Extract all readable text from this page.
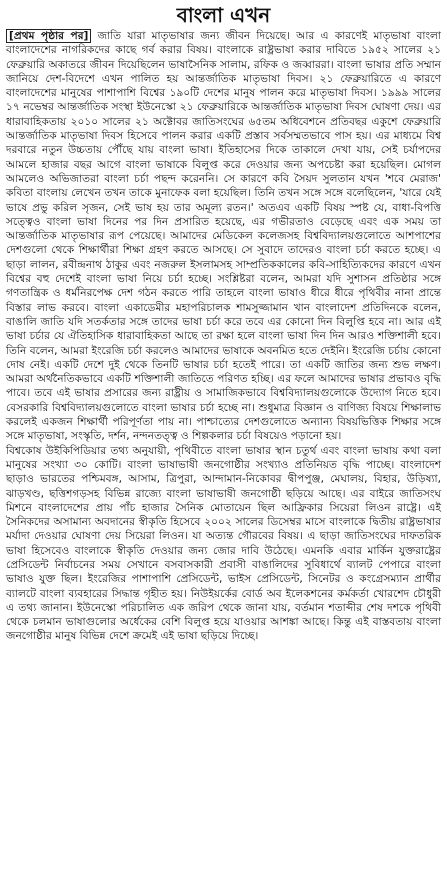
বাংলা এখন

[প্রথম পৃষ্ঠার পর] জাতি যারা মাতৃভাষার জন্য জীবন দিয়েছে। আর এ কারণেই মাতৃভাষা বাংলা বাংলাদেশের নাগরিকদের কাছে গর্ব করার বিষয়। বাংলাকে রাষ্ট্রভাষা করার দাবিতে ১৯৫২ সালের ২১ ফেব্রুয়ারি অকাতরে জীবন দিয়েছিলেন ভাষাসৈনিক সালাম, রফিক ও জব্বাররা। বাংলা ভাষার প্রতি সম্মান জানিয়ে দেশ-বিদেশে এখন পালিত হয় আন্তর্জাতিক মাতৃভাষা দিবস। ২১ ফেব্রুয়ারিতে এ কারণে বাংলাদেশের মানুষের পাশাপাশি বিশ্বের ১৯০টি দেশের মানুষ পালন করে মাতৃভাষা দিবস। ১৯৯৯ সালের ১৭ নভেম্বর আন্তর্জাতিক সংস্থা ইউনেস্কো ২১ ফেব্রুয়ারিকে আন্তর্জাতিক মাতৃভাষা দিবস ঘোষণা দেয়। এর ধারাবাহিকতায় ২০১০ সালের ২১ অক্টোবর জাতিসংঘের ৬৫তম অধিবেশনে প্রতিবছর একুশে ফেব্রুয়ারি আন্তর্জাতিক মাতৃভাষা দিবস হিসেবে পালন করার একটি প্রস্তাব সর্বসম্মতভাবে পাস হয়। এর মাধ্যমে বিশ্ব দরবারে নতুন উচ্চতায় পৌঁছে যায় বাংলা ভাষা। ইতিহাসের দিকে তাকালে দেখা যায়, সেই চর্যাপদের আমলে হাজার বছর আগে বাংলা ভাষাকে বিলুপ্ত করে দেওয়ার জন্য অপচেষ্টা করা হয়েছিল। মোগল আমলেও অভিজাতরা বাংলা চর্চা পছন্দ করেননি। সে কারণে কবি সৈয়দ সুলতান যখন 'শবে মেরাজ' কবিতা বাংলায় লেখেন তখন তাকে মুনাফেক বলা হয়েছিল। তিনি তখন সঙ্গে সঙ্গে বলেছিলেন, 'যারে যেই ভাষে প্রভু করিল সৃজন, সেই ভাষ হয় তার অমূল্য রতন।' অতএব একটি বিষয় স্পষ্ট যে, বাধা-বিপত্তি সত্ত্বেও বাংলা ভাষা দিনের পর দিন প্রসারিত হয়েছে, এর গভীরতাও বেড়েছে এবং এক সময় তা আন্তর্জাতিক মাতৃভাষার রূপ পেয়েছে। আমাদের মেডিকেল কলেজসহ বিশ্ববিদ্যালয়গুলোতে আশপাশের দেশগুলো থেকে শিক্ষার্থীরা শিক্ষা গ্রহণ করতে আসছে। সে সুবাদে তাদেরও বাংলা চর্চা করতে হচ্ছে। এ ছাড়া লালন, রবীন্দ্রনাথ ঠাকুর এবং নজরুল ইসলামসহ সাম্প্রতিককালের কবি-সাহিত্যিকদের কারণে এখন বিশ্বের বহু দেশেই বাংলা ভাষা নিয়ে চর্চা হচ্ছে। সংশ্লিষ্টরা বলেন, আমরা যদি সুশাসন প্রতিষ্ঠার সঙ্গে গণতান্ত্রিক ও ধর্মনিরপেক্ষ দেশ গঠন করতে পারি তাহলে বাংলা ভাষাও ধীরে ধীরে পৃথিবীর নানা প্রান্তে বিস্তার লাভ করবে। বাংলা একাডেমীর মহাপরিচালক শামসুজ্জামান খান বাংলাদেশ প্রতিদিনকে বলেন, বাঙালি জাতি যদি সতর্কতার সঙ্গে তাদের ভাষা চর্চা করে তবে এর কোনো দিন বিলুপ্তি হবে না। আর এই ভাষা চর্চার যে ঐতিহাসিক ধারাবাহিকতা আছে তা রক্ষা হলে বাংলা ভাষা দিন দিন আরও শক্তিশালী হবে। তিনি বলেন, আমরা ইংরেজি চর্চা করলেও আমাদের ভাষাকে অবনমিত হতে দেইনি। ইংরেজি চর্চায় কোনো দোষ নেই। একটি দেশে দুই থেকে তিনটি ভাষার চর্চা হতেই পারে। তা একটি জাতির জন্য শুভ লক্ষণ। আমরা অর্থনৈতিকভাবে একটি শক্তিশালী জাতিতে পরিণত হচ্ছি। এর ফলে আমাদের ভাষার প্রভাবও বৃদ্ধি পাবে। তবে এই ভাষার প্রসারের জন্য রাষ্ট্রীয় ও সামাজিকভাবে বিশ্ববিদ্যালয়গুলোকে উদ্যোগ নিতে হবে। বেসরকারি বিশ্ববিদ্যালয়গুলোতে বাংলা ভাষার চর্চা হচ্ছে না। শুধুমাত্র বিজ্ঞান ও বাণিজ্য বিষয়ে শিক্ষালাভ করলেই একজন শিক্ষার্থী পরিপূর্ণতা পায় না। পাশ্চাত্যের দেশগুলোতে অন্যান্য বিষয়ভিত্তিক শিক্ষার সঙ্গে সঙ্গে মাতৃভাষা, সংস্কৃতি, দর্শন, নন্দনতত্ত্ব ও শিল্পকলার চর্চা বিষয়েও পড়ানো হয়।

বিশ্বকোষ উইকিপিডিয়ার তথ্য অনুযায়ী, পৃথিবীতে বাংলা ভাষার স্থান চতুর্থ এবং বাংলা ভাষায় কথা বলা মানুষের সংখ্যা ৩০ কোটি। বাংলা ভাষাভাষী জনগোষ্ঠীর সংখ্যাও প্রতিনিয়ত বৃদ্ধি পাচ্ছে। বাংলাদেশ ছাড়াও ভারতের পশ্চিমবঙ্গ, আসাম, ত্রিপুরা, আন্দামান-নিকোবর দ্বীপপুঞ্জ, মেঘালয়, বিহার, উড়িষ্যা, ঝাড়খণ্ড, ছত্তিশগড়সহ বিভিন্ন রাজ্যে বাংলা ভাষাভাষী জনগোষ্ঠী ছড়িয়ে আছে। এর বাইরে জাতিসংঘ মিশনে বাংলাদেশের প্রায় পাঁচ হাজার সৈনিক মোতায়েন ছিল আফ্রিকার সিয়েরা লিওন রাষ্ট্রে। এই সৈনিকদের অসামান্য অবদানের স্বীকৃতি হিসেবে ২০০২ সালের ডিসেম্বর মাসে বাংলাকে দ্বিতীয় রাষ্ট্রভাষার মর্যাদা দেওয়ার ঘোষণা দেয় সিয়েরা লিওন। যা অত্যন্ত গৌরবের বিষয়। এ ছাড়া জাতিসংঘের দাফতরিক ভাষা হিসেবেও বাংলাকে স্বীকৃতি দেওয়ার জন্য জোর দাবি উঠেছে। এমনকি এবার মার্কিন যুক্তরাষ্ট্রের প্রেসিডেন্ট নির্বাচনের সময় সেখানে বসবাসকারী প্রবাসী বাঙালিদের সুবিধার্থে ব্যালট পেপারে বাংলা ভাষাও যুক্ত ছিল। ইংরেজির পাশাপাশি প্রেসিডেন্ট, ভাইস প্রেসিডেন্ট, সিনেটর ও কংগ্রেসম্যান প্রার্থীর ব্যালটে বাংলা ব্যবহারের সিদ্ধান্ত গৃহীত হয়। নিউইয়র্কের বোর্ড অব ইলেকশনের কর্মকর্তা খোরশেদ চৌধুরী এ তথ্য জানান। ইউনেস্কো পরিচালিত এক জরিপ থেকে জানা যায়, বর্তমান শতাব্দীর শেষ দশকে পৃথিবী থেকে চলমান ভাষাগুলোর অর্ধেকের বেশি বিলুপ্ত হয়ে যাওয়ার আশঙ্কা আছে। কিন্তু এই বাস্তবতায় বাংলা জনগোষ্ঠীর মানুষ বিভিন্ন দেশে ক্রমেই এই ভাষা ছড়িয়ে দিচ্ছে।
